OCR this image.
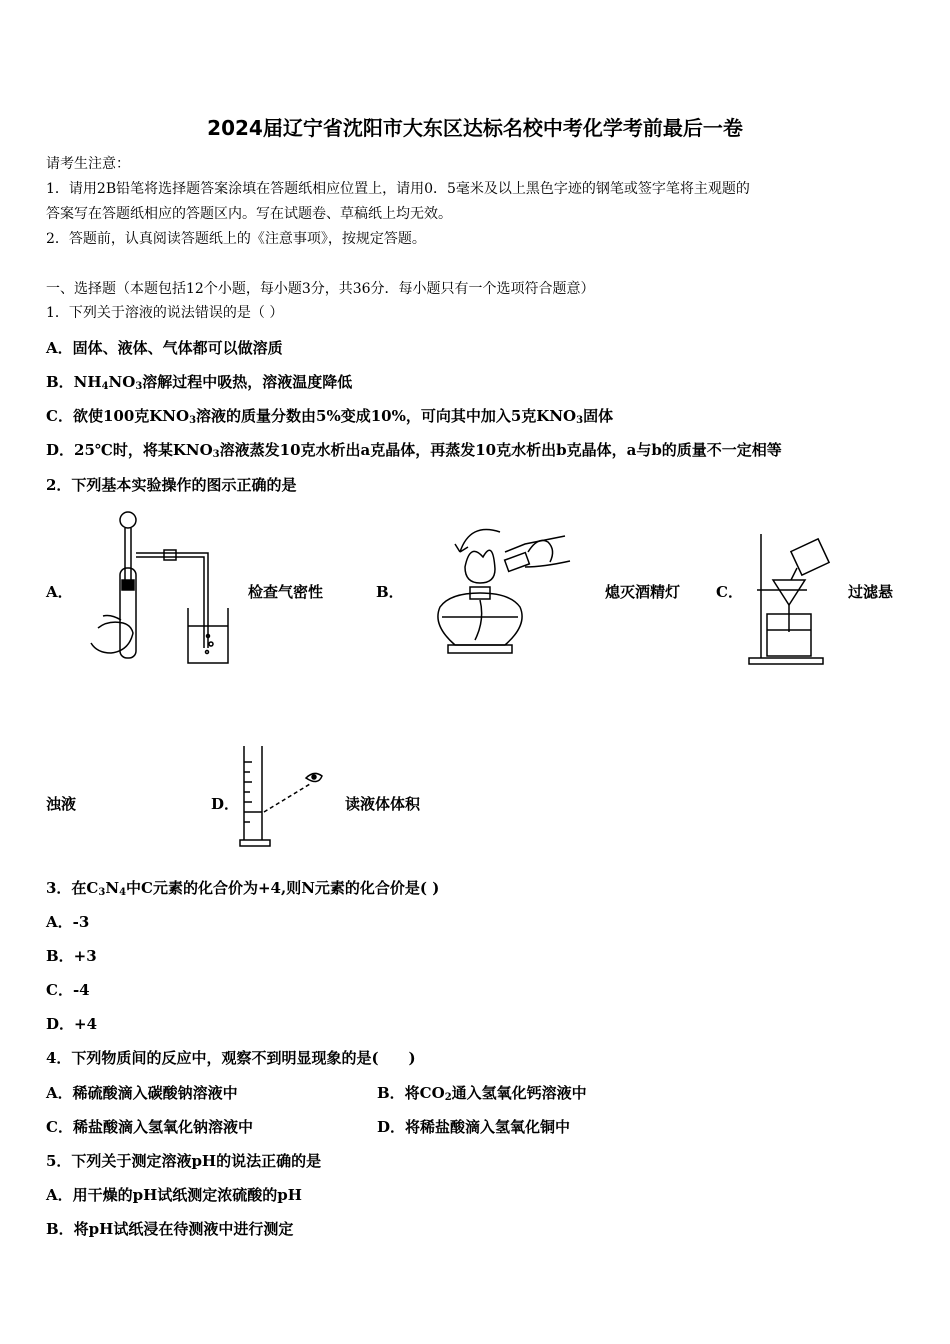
2024届辽宁省沈阳市大东区达标名校中考化学考前最后一卷
请考生注意：
1．请用2B铅笔将选择题答案涂填在答题纸相应位置上，请用0．5毫米及以上黑色字迹的钢笔或签字笔将主观题的
答案写在答题纸相应的答题区内。写在试题卷、草稿纸上均无效。
2．答题前，认真阅读答题纸上的《注意事项》，按规定答题。
一、选择题（本题包括12个小题，每小题3分，共36分．每小题只有一个选项符合题意）
1．下列关于溶液的说法错误的是（ ）
A．固体、液体、气体都可以做溶质
B．$NH_4NO_3$溶解过程中吸热，溶液温度降低
C．欲使100克$KNO_3$溶液的质量分数由5%变成10%，可向其中加入5克$KNO_3$固体
D．25℃时，将某$KNO_3$溶液蒸发10克水析出a克晶体，再蒸发10克水析出b克晶体，a与b的质量不一定相等
2．下列基本实验操作的图示正确的是
A．	检查气密性	B．	熄灭酒精灯 C．	过滤悬
浊液	D．	读液体体积
3．在$C_3N_4$中C元素的化合价为+4,则N元素的化合价是( )
A．-3
B．+3
C．-4
D．+4
4．下列物质间的反应中，观察不到明显现象的是(　　)
A．稀硫酸滴入碳酸钠溶液中	B．将$CO_2$通入氢氧化钙溶液中
C．稀盐酸滴入氢氧化钠溶液中	D．将稀盐酸滴入氢氧化铜中
5．下列关于测定溶液pH的说法正确的是
A．用干燥的pH试纸测定浓硫酸的pH
B．将pH试纸浸在待测液中进行测定
